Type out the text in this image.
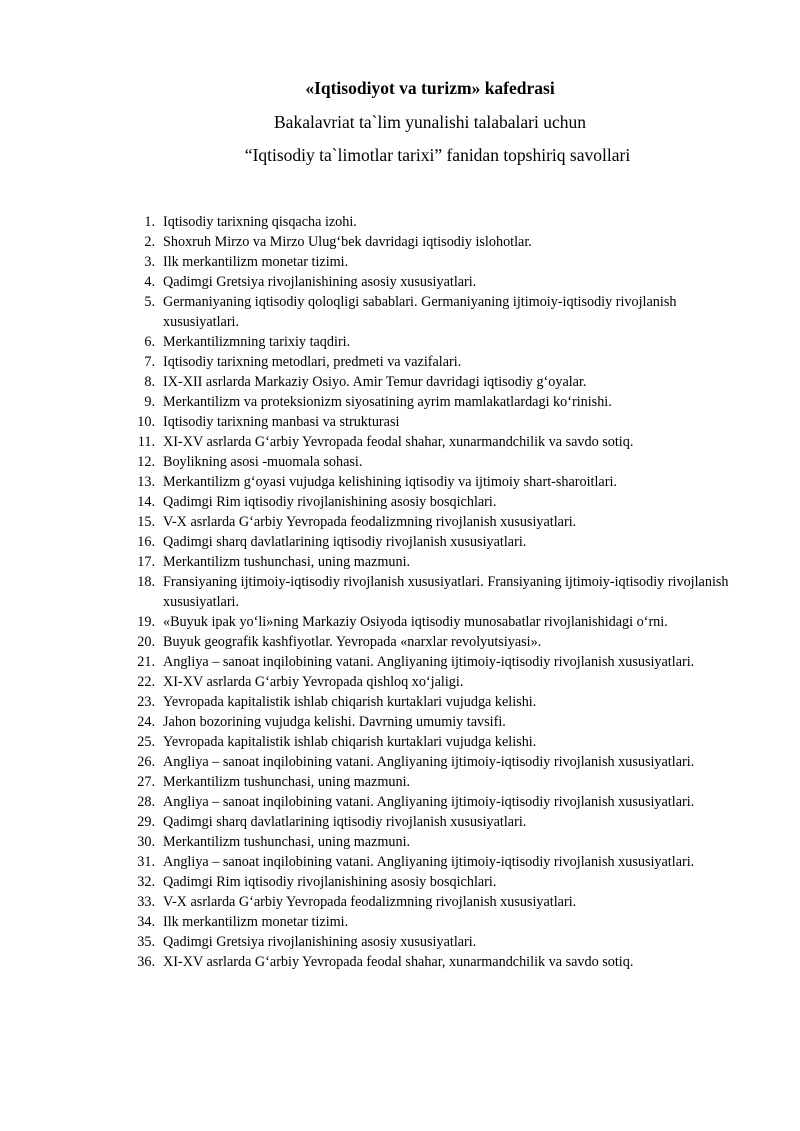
«Iqtisodiyot va turizm» kafedrasi
Bakalavriat ta`lim yunalishi talabalari uchun
“Iqtisodiy ta`limotlar tarixi” fanidan topshiriq savollari
1. Iqtisodiy tarixning qisqacha izohi.
2. Shoxruh Mirzo va Mirzo Ulug‘bek davridagi iqtisodiy islohotlar.
3. Ilk merkantilizm monetar tizimi.
4. Qadimgi Gretsiya rivojlanishining asosiy xususiyatlari.
5. Germaniyaning iqtisodiy qoloqligi sabablari. Germaniyaning ijtimoiy-iqtisodiy rivojlanish xususiyatlari.
6. Merkantilizmning tarixiy taqdiri.
7. Iqtisodiy tarixning metodlari, predmeti va vazifalari.
8. IX-XII asrlarda Markaziy Osiyo. Amir Temur davridagi iqtisodiy g‘oyalar.
9. Merkantilizm va proteksionizm siyosatining ayrim mamlakatlardagi ko‘rinishi.
10. Iqtisodiy tarixning manbasi va strukturasi
11. XI-XV asrlarda G‘arbiy Yevropada feodal shahar, xunarmandchilik va savdo sotiq.
12. Boylikning asosi -muomala sohasi.
13. Merkantilizm g‘oyasi vujudga kelishining iqtisodiy va ijtimoiy shart-sharoitlari.
14. Qadimgi Rim iqtisodiy rivojlanishining asosiy bosqichlari.
15. V-X asrlarda G‘arbiy Yevropada feodalizmning rivojlanish xususiyatlari.
16. Qadimgi sharq davlatlarining iqtisodiy rivojlanish xususiyatlari.
17. Merkantilizm tushunchasi, uning mazmuni.
18. Fransiyaning ijtimoiy-iqtisodiy rivojlanish xususiyatlari. Fransiyaning ijtimoiy-iqtisodiy rivojlanish xususiyatlari.
19. «Buyuk ipak yo‘li»ning Markaziy Osiyoda iqtisodiy munosabatlar rivojlanishidagi o‘rni.
20. Buyuk geografik kashfiyotlar. Yevropada «narxlar revolyutsiyasi».
21. Angliya – sanoat inqilobining vatani. Angliyaning ijtimoiy-iqtisodiy rivojlanish xususiyatlari.
22. XI-XV asrlarda G‘arbiy Yevropada qishloq xo‘jaligi.
23. Yevropada kapitalistik ishlab chiqarish kurtaklari vujudga kelishi.
24. Jahon bozorining vujudga kelishi. Davrning umumiy tavsifi.
25. Yevropada kapitalistik ishlab chiqarish kurtaklari vujudga kelishi.
26. Angliya – sanoat inqilobining vatani. Angliyaning ijtimoiy-iqtisodiy rivojlanish xususiyatlari.
27. Merkantilizm tushunchasi, uning mazmuni.
28. Angliya – sanoat inqilobining vatani. Angliyaning ijtimoiy-iqtisodiy rivojlanish xususiyatlari.
29. Qadimgi sharq davlatlarining iqtisodiy rivojlanish xususiyatlari.
30. Merkantilizm tushunchasi, uning mazmuni.
31. Angliya – sanoat inqilobining vatani. Angliyaning ijtimoiy-iqtisodiy rivojlanish xususiyatlari.
32. Qadimgi Rim iqtisodiy rivojlanishining asosiy bosqichlari.
33. V-X asrlarda G‘arbiy Yevropada feodalizmning rivojlanish xususiyatlari.
34. Ilk merkantilizm monetar tizimi.
35. Qadimgi Gretsiya rivojlanishining asosiy xususiyatlari.
36. XI-XV asrlarda G‘arbiy Yevropada feodal shahar, xunarmandchilik va savdo sotiq.
